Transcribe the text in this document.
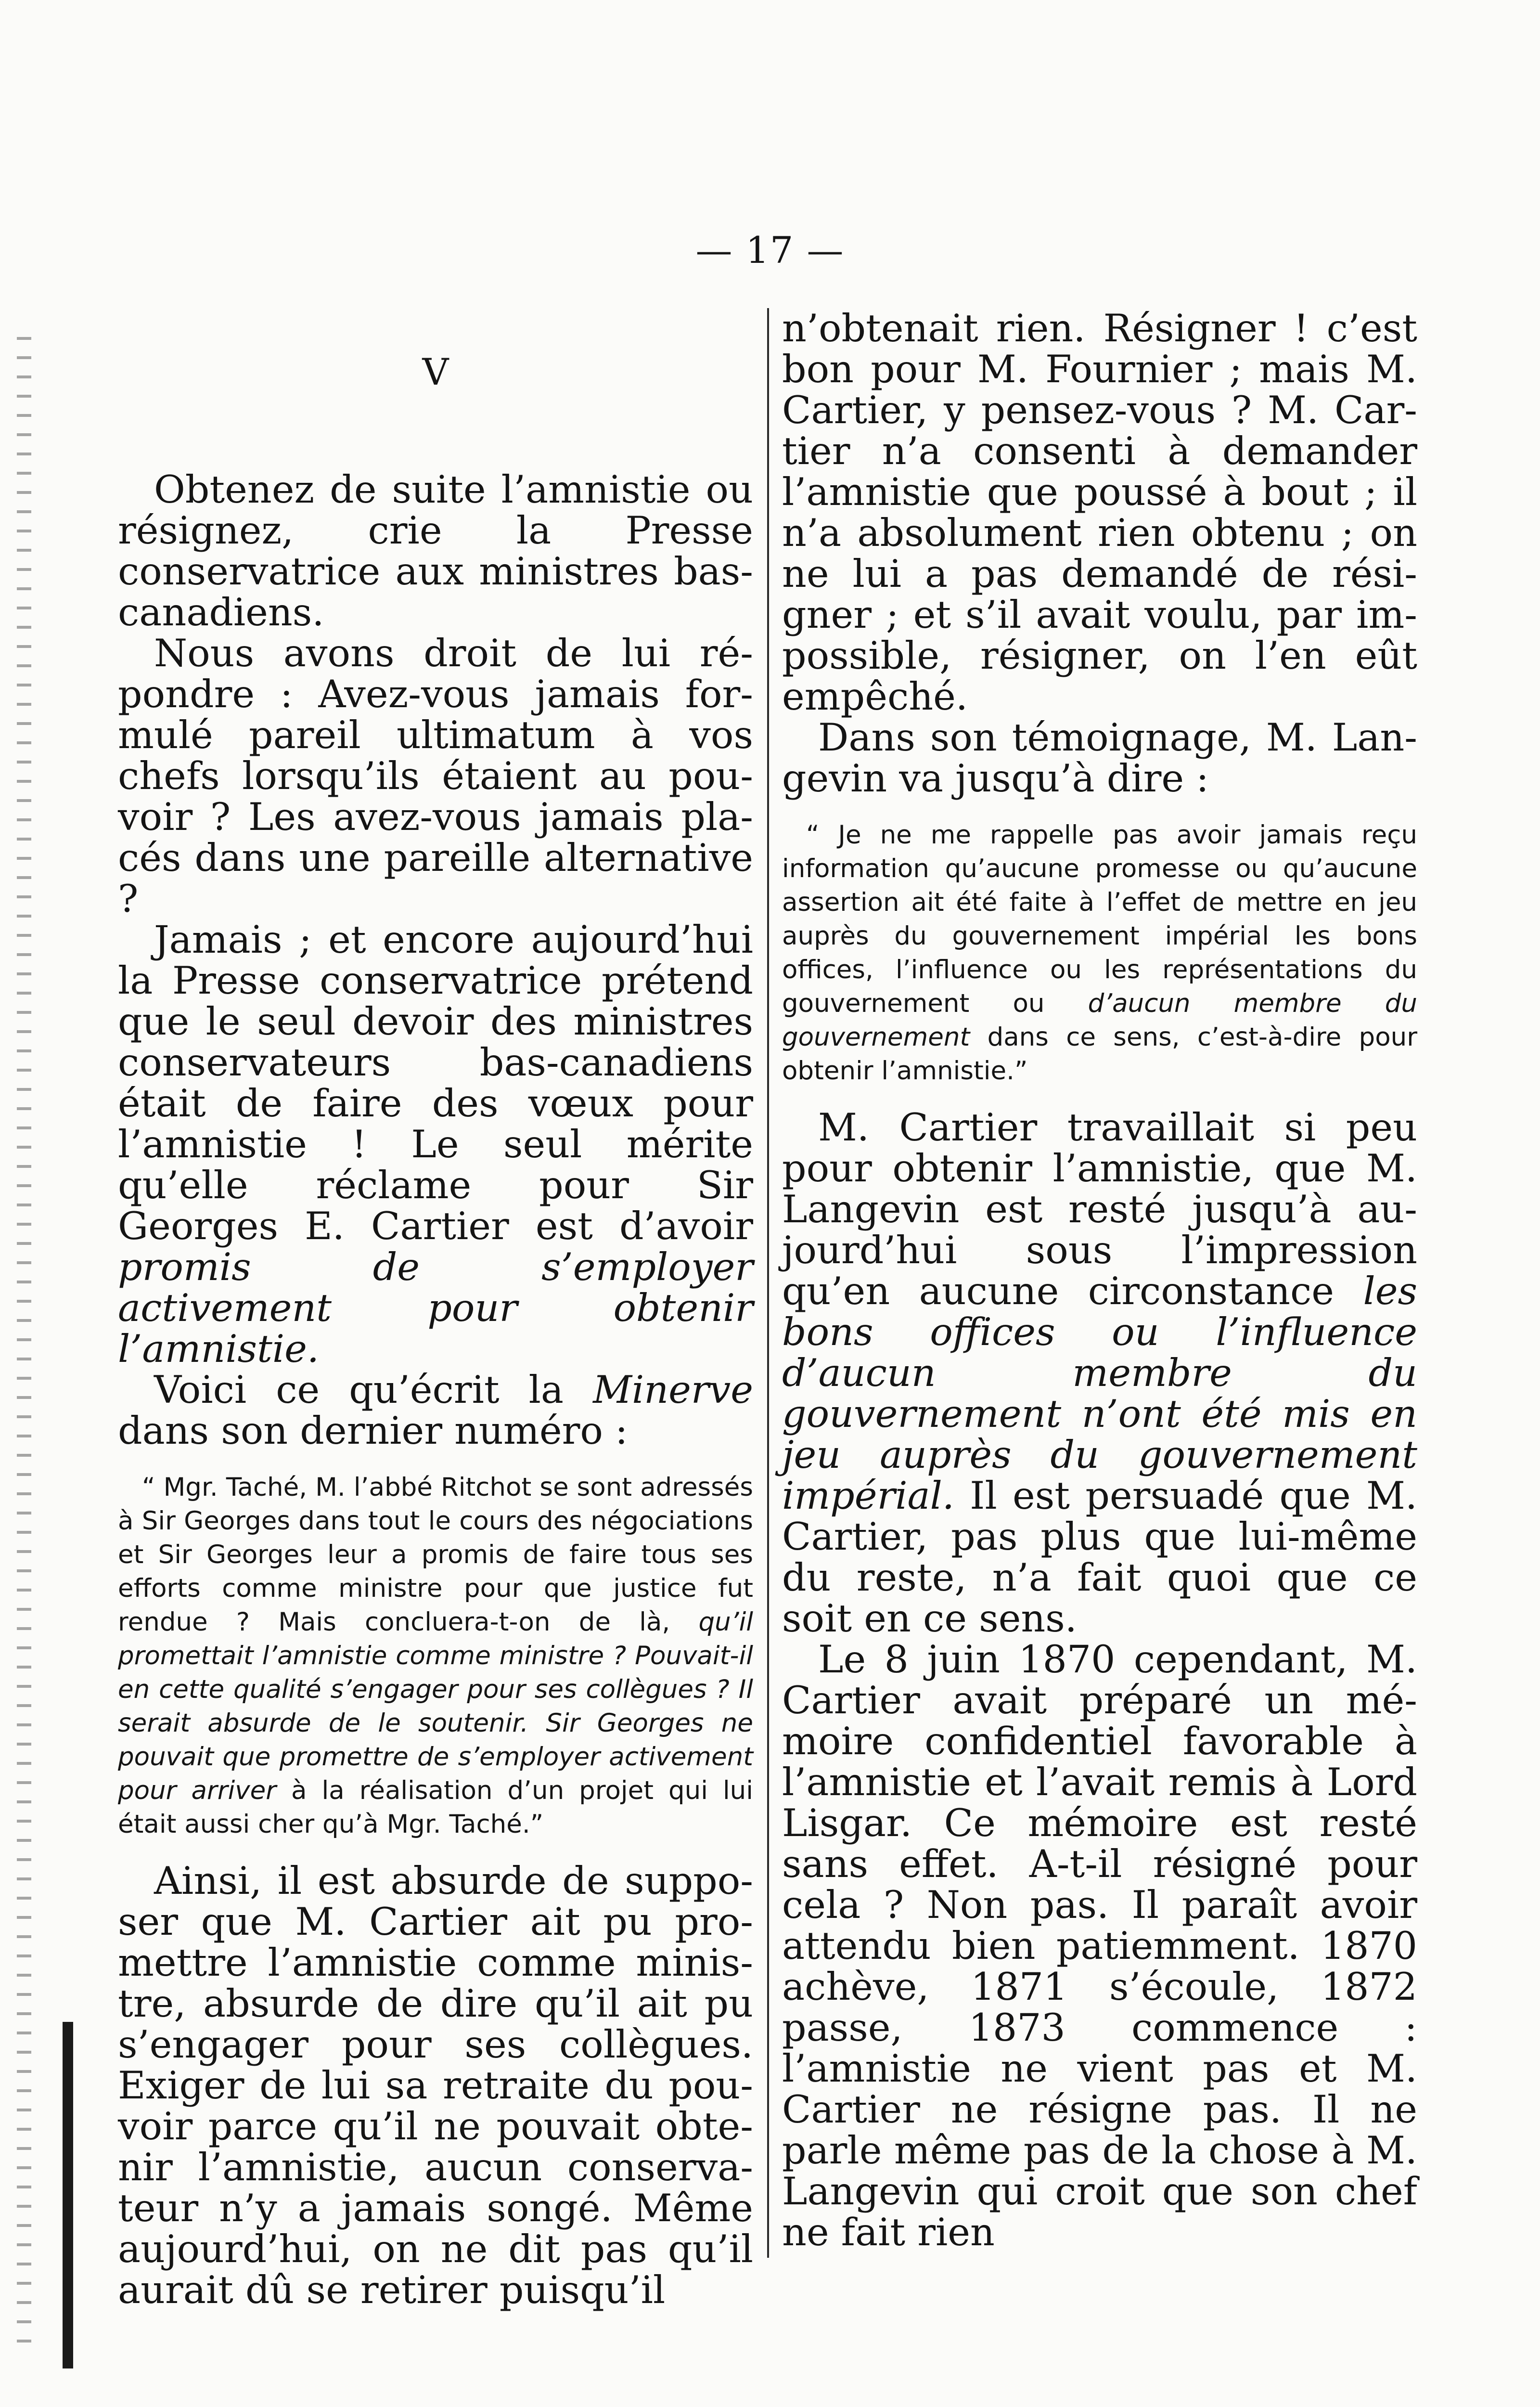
— 17 —
V

Obtenez de suite l’amnistie ou résignez, crie la Presse conservatrice aux ministres bas-canadiens.

Nous avons droit de lui répondre : Avez-vous jamais formulé pareil ultimatum à vos chefs lorsqu’ils étaient au pouvoir ? Les avez-vous jamais placés dans une pareille alternative ?

Jamais ; et encore aujourd’hui la Presse conservatrice prétend que le seul devoir des ministres conservateurs bas-canadiens était de faire des vœux pour l’amnistie ! Le seul mérite qu’elle réclame pour Sir Georges E. Cartier est d’avoir promis de s’employer activement pour obtenir l’amnistie.

Voici ce qu’écrit la Minerve dans son dernier numéro :

“ Mgr. Taché, M. l’abbé Ritchot se sont adressés à Sir Georges dans tout le cours des négociations et Sir Georges leur a promis de faire tous ses efforts comme ministre pour que justice fut rendue ? Mais concluera-t-on de là, qu’il promettait l’amnistie comme ministre ? Pouvait-il en cette qualité s’engager pour ses collègues ? Il serait absurde de le soutenir. Sir Georges ne pouvait que promettre de s’employer activement pour arriver à la réalisation d’un projet qui lui était aussi cher qu’à Mgr. Taché.”

Ainsi, il est absurde de supposer que M. Cartier ait pu promettre l’amnistie comme ministre, absurde de dire qu’il ait pu s’engager pour ses collègues. Exiger de lui sa retraite du pouvoir parce qu’il ne pouvait obtenir l’amnistie, aucun conservateur n’y a jamais songé. Même aujourd’hui, on ne dit pas qu’il aurait dû se retirer puisqu’il

n’obtenait rien. Résigner ! c’est bon pour M. Fournier ; mais M. Cartier, y pensez-vous ? M. Cartier n’a consenti à demander l’amnistie que poussé à bout ; il n’a absolument rien obtenu ; on ne lui a pas demandé de résigner ; et s’il avait voulu, par impossible, résigner, on l’en eût empêché.

Dans son témoignage, M. Langevin va jusqu’à dire :

“ Je ne me rappelle pas avoir jamais reçu information qu’aucune promesse ou qu’aucune assertion ait été faite à l’effet de mettre en jeu auprès du gouvernement impérial les bons offices, l’influence ou les représentations du gouvernement ou d’aucun membre du gouvernement dans ce sens, c’est-à-dire pour obtenir l’amnistie.”

M. Cartier travaillait si peu pour obtenir l’amnistie, que M. Langevin est resté jusqu’à aujourd’hui sous l’impression qu’en aucune circonstance les bons offices ou l’influence d’aucun membre du gouvernement n’ont été mis en jeu auprès du gouvernement impérial. Il est persuadé que M. Cartier, pas plus que lui-même du reste, n’a fait quoi que ce soit en ce sens.

Le 8 juin 1870 cependant, M. Cartier avait préparé un mémoire confidentiel favorable à l’amnistie et l’avait remis à Lord Lisgar. Ce mémoire est resté sans effet. A-t-il résigné pour cela ? Non pas. Il paraît avoir attendu bien patiemment. 1870 achève, 1871 s’écoule, 1872 passe, 1873 commence : l’amnistie ne vient pas et M. Cartier ne résigne pas. Il ne parle même pas de la chose à M. Langevin qui croit que son chef ne fait rien
